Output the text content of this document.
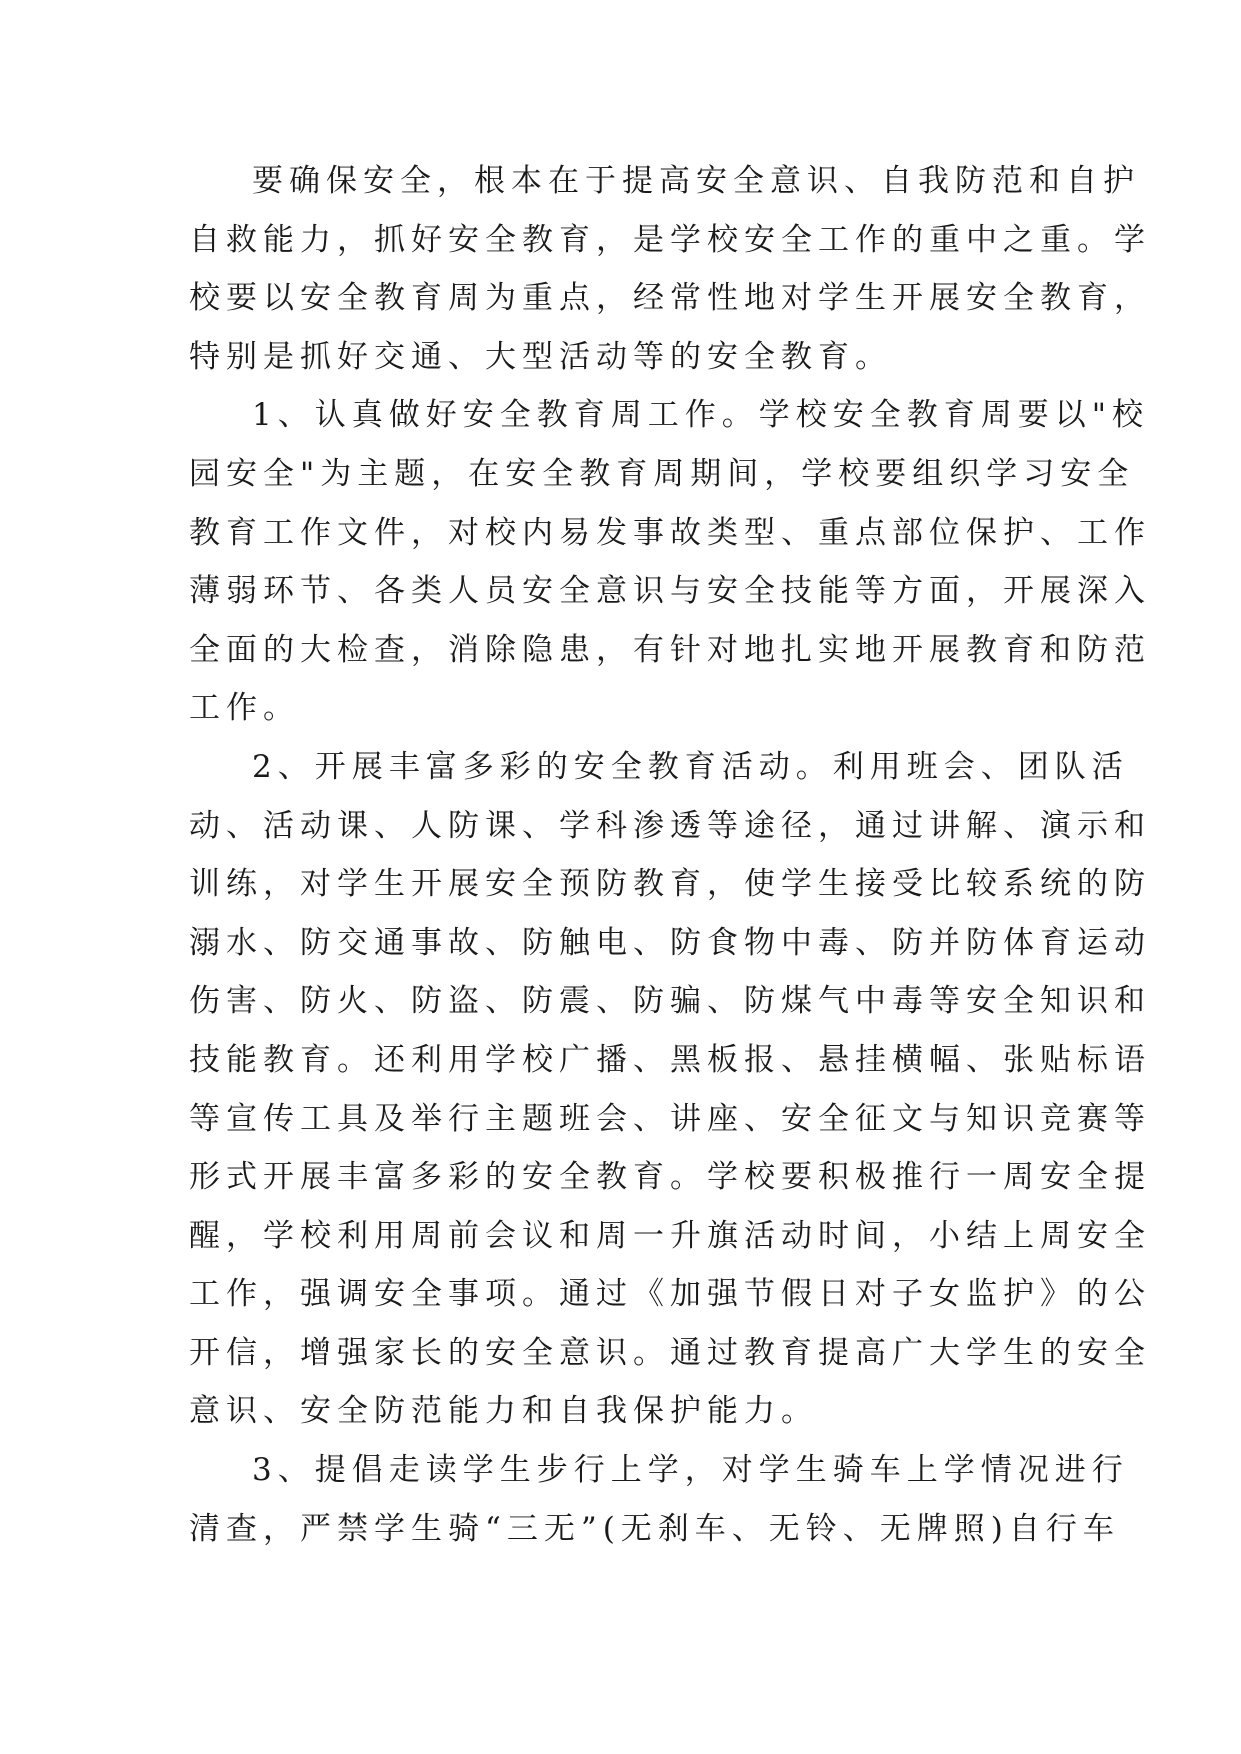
要确保安全，根本在于提高安全意识、自我防范和自护
自救能力，抓好安全教育，是学校安全工作的重中之重。学
校要以安全教育周为重点，经常性地对学生开展安全教育，
特别是抓好交通、大型活动等的安全教育。
1、认真做好安全教育周工作。学校安全教育周要以"校
园安全"为主题，在安全教育周期间，学校要组织学习安全
教育工作文件，对校内易发事故类型、重点部位保护、工作
薄弱环节、各类人员安全意识与安全技能等方面，开展深入
全面的大检查，消除隐患，有针对地扎实地开展教育和防范
工作。
2、开展丰富多彩的安全教育活动。利用班会、团队活
动、活动课、人防课、学科渗透等途径，通过讲解、演示和
训练，对学生开展安全预防教育，使学生接受比较系统的防
溺水、防交通事故、防触电、防食物中毒、防并防体育运动
伤害、防火、防盗、防震、防骗、防煤气中毒等安全知识和
技能教育。还利用学校广播、黑板报、悬挂横幅、张贴标语
等宣传工具及举行主题班会、讲座、安全征文与知识竞赛等
形式开展丰富多彩的安全教育。学校要积极推行一周安全提
醒，学校利用周前会议和周一升旗活动时间，小结上周安全
工作，强调安全事项。通过《加强节假日对子女监护》的公
开信，增强家长的安全意识。通过教育提高广大学生的安全
意识、安全防范能力和自我保护能力。
3、提倡走读学生步行上学，对学生骑车上学情况进行
清查，严禁学生骑“三无”(无刹车、无铃、无牌照)自行车
